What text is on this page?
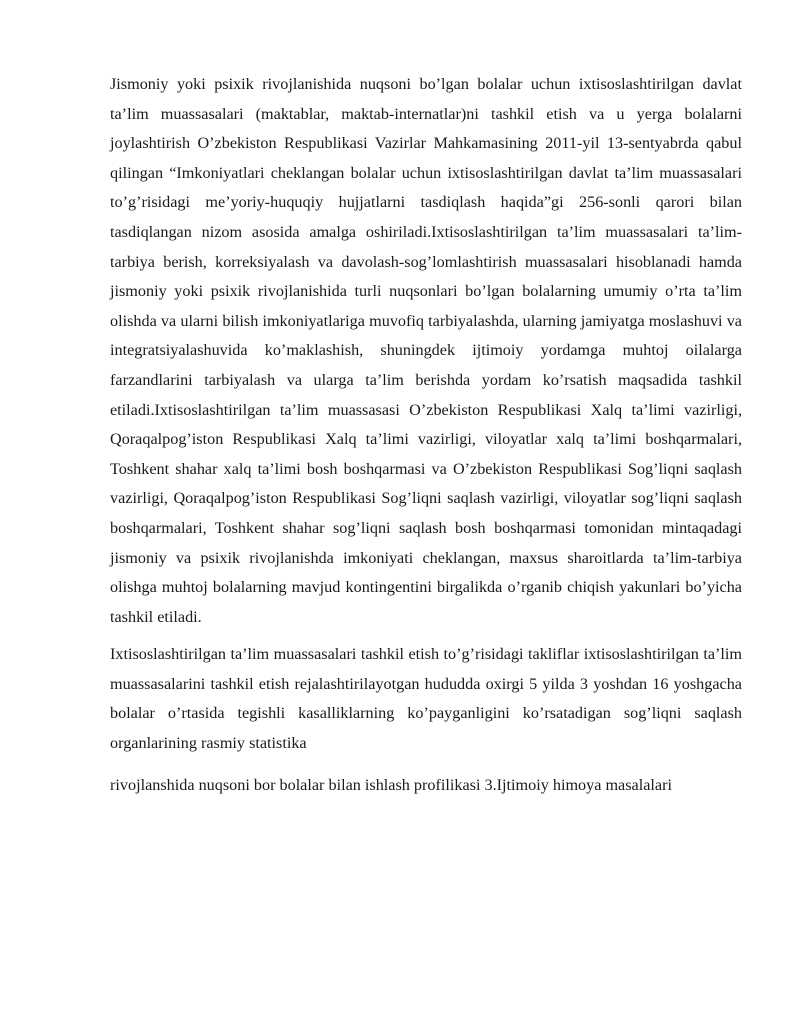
Jismoniy yoki psixik rivojlanishida nuqsoni bo’lgan bolalar uchun ixtisoslashtirilgan davlat ta’lim muassasalari (maktablar, maktab-internatlar)ni tashkil etish va u yerga bolalarni joylashtirish O’zbekiston Respublikasi Vazirlar Mahkamasining 2011-yil 13-sentyabrda qabul qilingan “Imkoniyatlari cheklangan bolalar uchun ixtisoslashtirilgan davlat ta’lim muassasalari to’g’risidagi me’yoriy-huquqiy hujjatlarni tasdiqlash haqida”gi 256-sonli qarori bilan tasdiqlangan nizom asosida amalga oshiriladi.Ixtisoslashtirilgan ta’lim muassasalari ta’lim-tarbiya berish, korreksiyalash va davolash-sog’lomlashtirish muassasalari hisoblanadi hamda jismoniy yoki psixik rivojlanishida turli nuqsonlari bo’lgan bolalarning umumiy o’rta ta’lim olishda va ularni bilish imkoniyatlariga muvofiq tarbiyalashda, ularning jamiyatga moslashuvi va integratsiyalashuvida ko’maklashish, shuningdek ijtimoiy yordamga muhtoj oilalarga farzandlarini tarbiyalash va ularga ta’lim berishda yordam ko’rsatish maqsadida tashkil etiladi.Ixtisoslashtirilgan ta’lim muassasasi O’zbekiston Respublikasi Xalq ta’limi vazirligi, Qoraqalpog’iston Respublikasi Xalq ta’limi vazirligi, viloyatlar xalq ta’limi boshqarmalari, Toshkent shahar xalq ta’limi bosh boshqarmasi va O’zbekiston Respublikasi Sog’liqni saqlash vazirligi, Qoraqalpog’iston Respublikasi Sog’liqni saqlash vazirligi, viloyatlar sog’liqni saqlash boshqarmalari, Toshkent shahar sog’liqni saqlash bosh boshqarmasi tomonidan mintaqadagi jismoniy va psixik rivojlanishda imkoniyati cheklangan, maxsus sharoitlarda ta’lim-tarbiya olishga muhtoj bolalarning mavjud kontingentini birgalikda o’rganib chiqish yakunlari bo’yicha tashkil etiladi.

Ixtisoslashtirilgan ta’lim muassasalari tashkil etish to’g’risidagi takliflar ixtisoslashtirilgan ta’lim muassasalarini tashkil etish rejalashtirilayotgan hududda oxirgi 5 yilda 3 yoshdan 16 yoshgacha bolalar o’rtasida tegishli kasalliklarning ko’payganligini ko’rsatadigan sog’liqni saqlash organlarining rasmiy statistika

rivojlanshida nuqsoni bor bolalar bilan ishlash profilikasi 3.Ijtimoiy himoya masalalari
